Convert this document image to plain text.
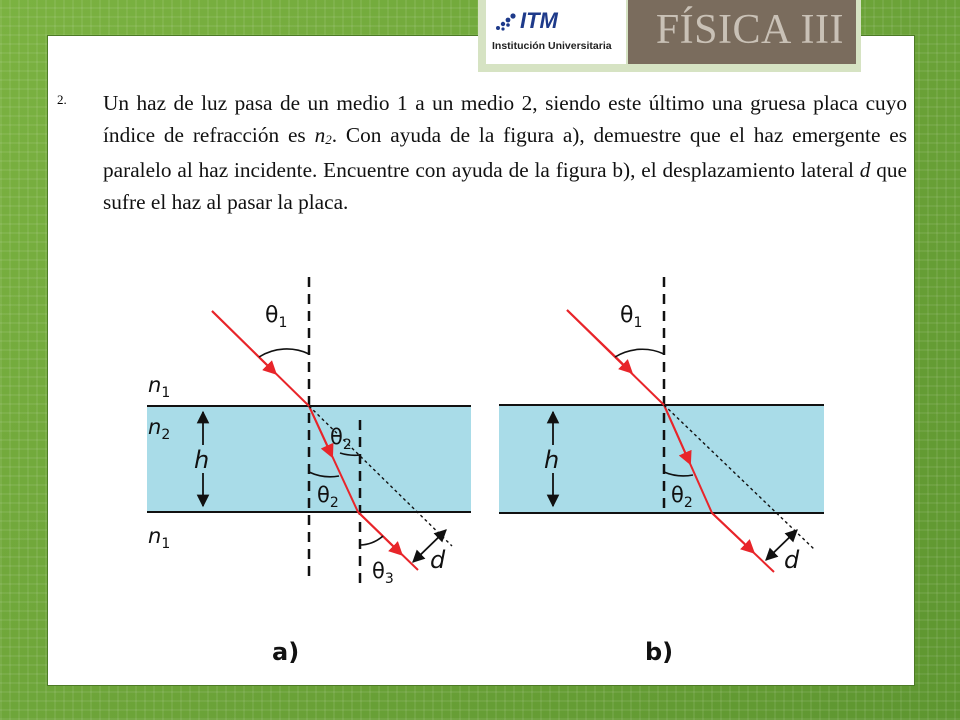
ITM
Institución Universitaria	FÍSICA III
2. Un haz de luz pasa de un medio 1 a un medio 2, siendo este último una gruesa placa cuyo índice de refracción es $n_2$. Con ayuda de la figura a), demuestre que el haz emergente es paralelo al haz incidente. Encuentre con ayuda de la figura b), el desplazamiento lateral d que sufre el haz al pasar la placa.
$\theta_1$
$\theta_2$
$\theta_2$
$\theta_3$
$n_1$
$n_2$
$n_1$
h
d
a)
$\theta_1$
$\theta_2$
h
d
b)
